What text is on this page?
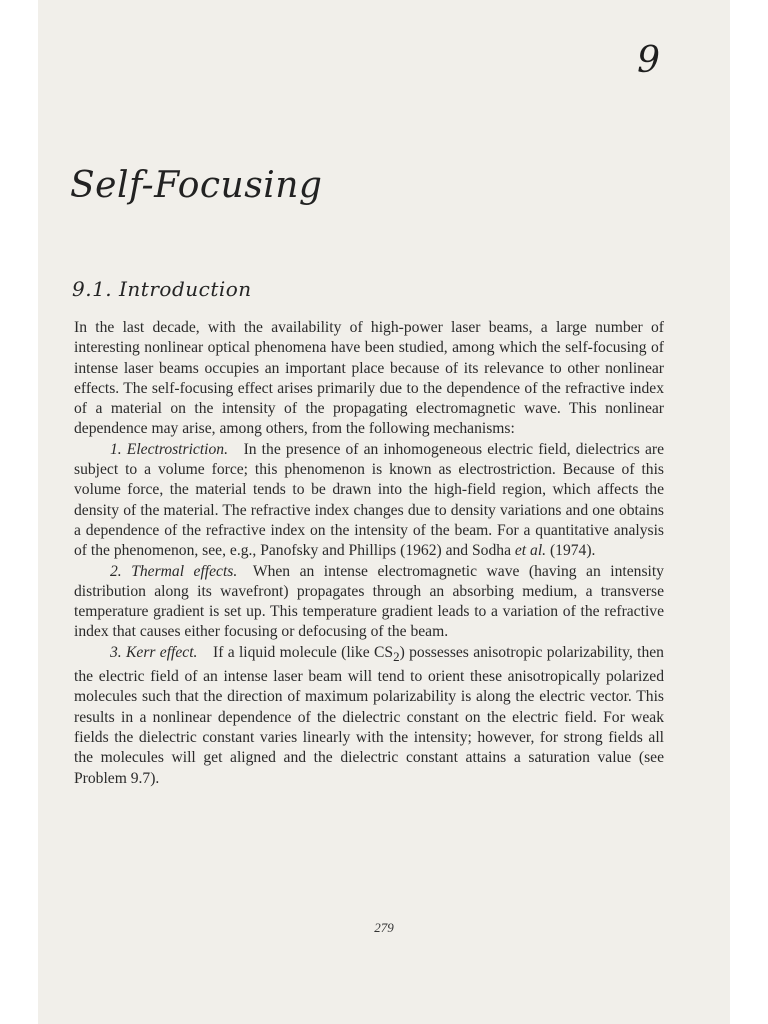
9
Self-Focusing
9.1. Introduction

In the last decade, with the availability of high-power laser beams, a large number of interesting nonlinear optical phenomena have been studied, among which the self-focusing of intense laser beams occupies an important place because of its relevance to other nonlinear effects. The self-focusing effect arises primarily due to the dependence of the refractive index of a material on the intensity of the propagating electromagnetic wave. This nonlinear dependence may arise, among others, from the following mechanisms:

1. Electrostriction.  In the presence of an inhomogeneous electric field, dielectrics are subject to a volume force; this phenomenon is known as electrostriction. Because of this volume force, the material tends to be drawn into the high-field region, which affects the density of the material. The refractive index changes due to density variations and one obtains a dependence of the refractive index on the intensity of the beam. For a quantitative analysis of the phenomenon, see, e.g., Panofsky and Phillips (1962) and Sodha et al. (1974).

2. Thermal effects.  When an intense electromagnetic wave (having an intensity distribution along its wavefront) propagates through an absorbing medium, a transverse temperature gradient is set up. This temperature gradient leads to a variation of the refractive index that causes either focusing or defocusing of the beam.

3. Kerr effect.  If a liquid molecule (like $CS_2$) possesses anisotropic polarizability, then the electric field of an intense laser beam will tend to orient these anisotropically polarized molecules such that the direction of maximum polarizability is along the electric vector. This results in a nonlinear dependence of the dielectric constant on the electric field. For weak fields the dielectric constant varies linearly with the intensity; however, for strong fields all the molecules will get aligned and the dielectric constant attains a saturation value (see Problem 9.7).

279
